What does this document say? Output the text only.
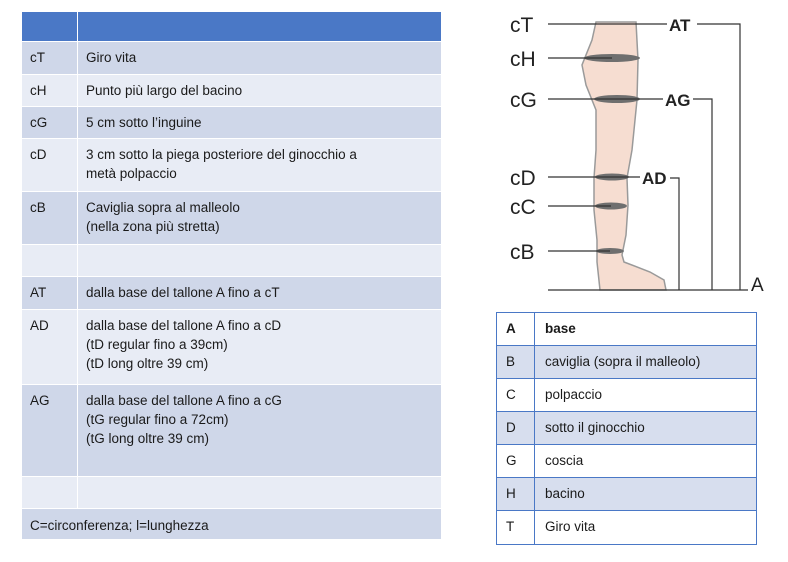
cT	Giro vita
cH	Punto più largo del bacino
cG	5 cm sotto l’inguine
cD	3 cm sotto la piega posteriore del ginocchio a
metà polpaccio
cB	Caviglia sopra al malleolo
(nella zona più stretta)
AT	dalla base del tallone A fino a cT
AD	dalla base del tallone A fino a cD
(tD regular fino a 39cm)
(tD long oltre 39 cm)
AG	dalla base del tallone A fino a cG
(tG regular fino a 72cm)
(tG long oltre 39 cm)
C=circonferenza; l=lunghezza
cT
cH
cG
cD
cC
cB
AT
AG
AD
A
A	base
B	caviglia (sopra il malleolo)
C	polpaccio
D	sotto il ginocchio
G	coscia
H	bacino
T	Giro vita
